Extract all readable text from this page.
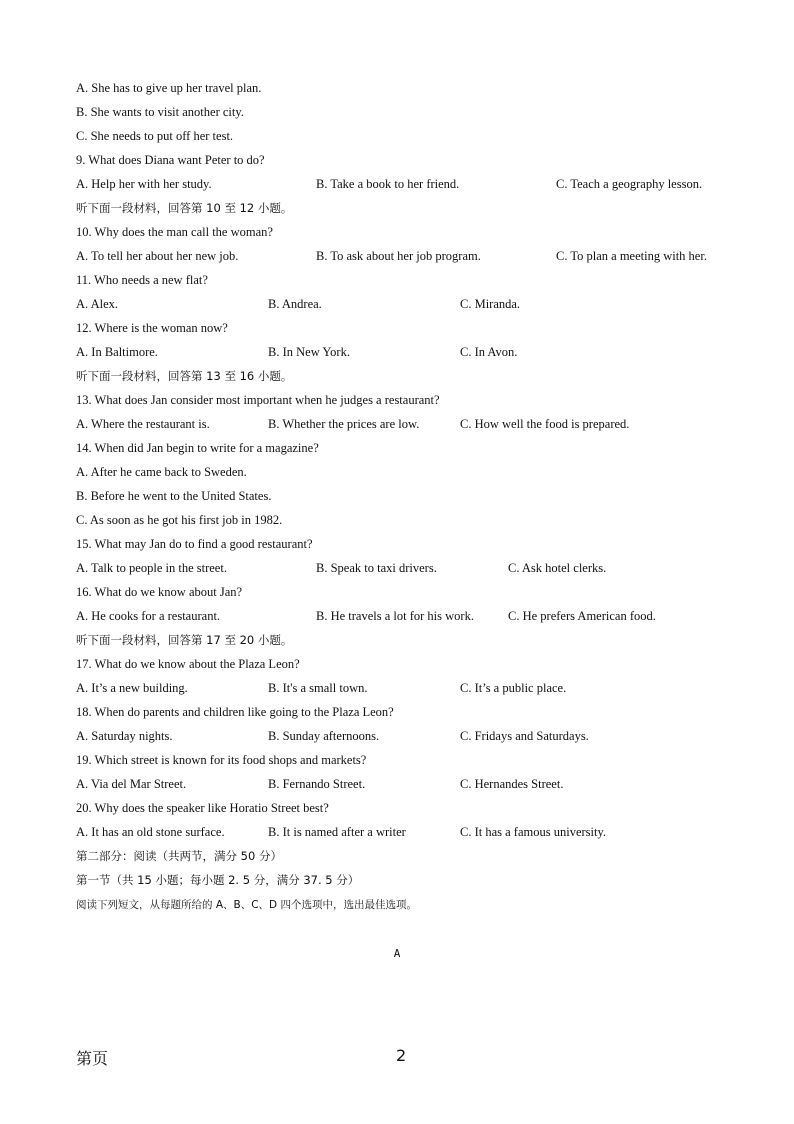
A. She has to give up her travel plan.
B. She wants to visit another city.
C. She needs to put off her test.
9. What does Diana want Peter to do?
A. Help her with her study.	B. Take a book to her friend.	C. Teach a geography lesson.
听下面一段材料，回答第 10 至 12 小题。
10. Why does the man call the woman?
A. To tell her about her new job.	B. To ask about her job program.	C. To plan a meeting with her.
11. Who needs a new flat?
A. Alex.	B. Andrea.	C. Miranda.
12. Where is the woman now?
A. In Baltimore.	B. In New York.	C. In Avon.
听下面一段材料，回答第 13 至 16 小题。
13. What does Jan consider most important when he judges a restaurant?
A. Where the restaurant is.	B. Whether the prices are low.	C. How well the food is prepared.
14. When did Jan begin to write for a magazine?
A. After he came back to Sweden.
B. Before he went to the United States.
C. As soon as he got his first job in 1982.
15. What may Jan do to find a good restaurant?
A. Talk to people in the street.	B. Speak to taxi drivers.	C. Ask hotel clerks.
16. What do we know about Jan?
A. He cooks for a restaurant.	B. He travels a lot for his work.	C. He prefers American food.
听下面一段材料，回答第 17 至 20 小题。
17. What do we know about the Plaza Leon?
A. It’s a new building.	B. It's a small town.	C. It’s a public place.
18. When do parents and children like going to the Plaza Leon?
A. Saturday nights.	B. Sunday afternoons.	C. Fridays and Saturdays.
19. Which street is known for its food shops and markets?
A. Via del Mar Street.	B. Fernando Street.	C. Hernandes Street.
20. Why does the speaker like Horatio Street best?
A. It has an old stone surface.	B. It is named after a writer	C. It has a famous university.
第二部分：阅读（共两节，满分 50 分）
第一节（共 15 小题；每小题 2. 5 分，满分 37. 5 分）
阅读下列短文，从每题所给的 A、B、C、D 四个选项中，选出最佳选项。
A
第页	2
